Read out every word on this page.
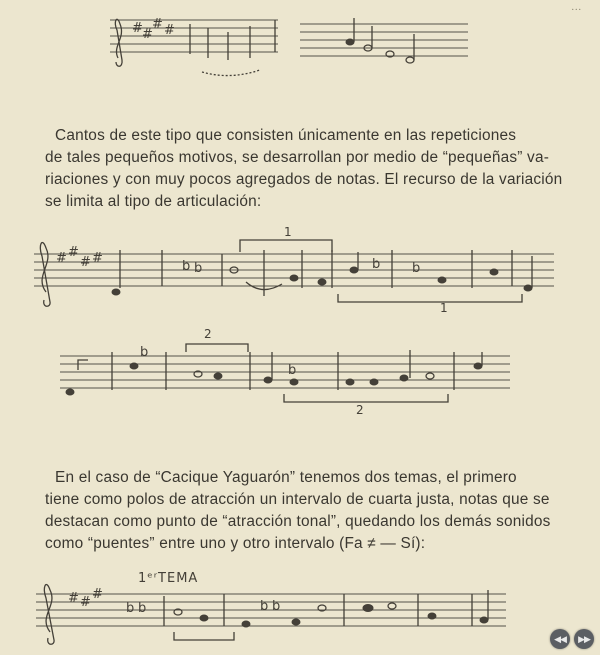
...
#
#
# #
Cantos de este tipo que consisten únicamente en las repeticiones
de tales pequeños motivos, se desarrollan por medio de “pequeñas” va-
riaciones y con muy pocos agregados de notas. El recurso de la variación
se limita al tipo de articulación:
1
1
# #
# #
b b	b b
2
2
b
b
En el caso de “Cacique Yaguarón” tenemos dos temas, el primero
tiene como polos de atracción un intervalo de cuarta justa, notas que se
destacan como punto de “atracción tonal”, quedando los demás sonidos
como “puentes” entre uno y otro intervalo (Fa ≠ — Sí):
1ᵉʳTEMA
# #
#
b b	b b
◀◀ ▶▶
